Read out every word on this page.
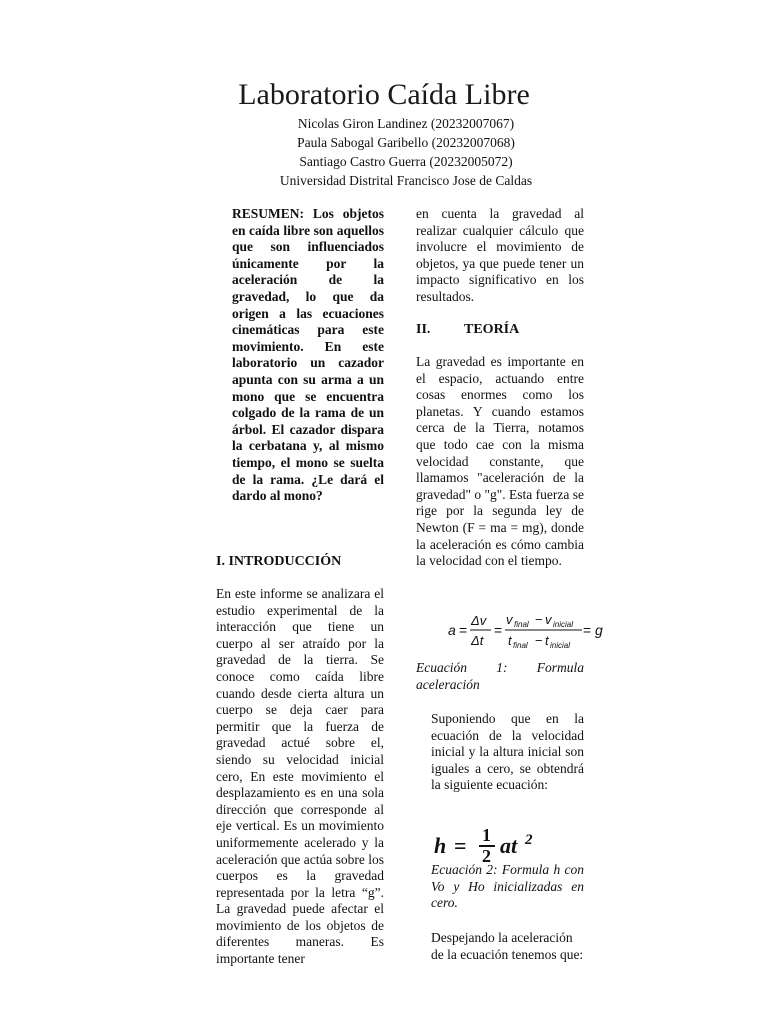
Laboratorio Caída Libre
Nicolas Giron Landinez (20232007067)
Paula Sabogal Garibello (20232007068)
Santiago Castro Guerra (20232005072)
Universidad Distrital Francisco Jose de Caldas

RESUMEN: Los objetos en caída libre son aquellos que son influenciados únicamente por la aceleración de la gravedad, lo que da origen a las ecuaciones cinemáticas para este movimiento. En este laboratorio un cazador apunta con su arma a un mono que se encuentra colgado de la rama de un árbol. El cazador dispara la cerbatana y, al mismo tiempo, el mono se suelta de la rama. ¿Le dará el dardo al mono?

I. INTRODUCCIÓN

En este informe se analizara el estudio experimental de la interacción que tiene un cuerpo al ser atraído por la gravedad de la tierra. Se conoce como caída libre cuando desde cierta altura un cuerpo se deja caer para permitir que la fuerza de gravedad actué sobre el, siendo su velocidad inicial cero, En este movimiento el desplazamiento es en una sola dirección que corresponde al eje vertical. Es un movimiento uniformemente acelerado y la aceleración que actúa sobre los cuerpos es la gravedad representada por la letra “g”. La gravedad puede afectar el movimiento de los objetos de diferentes maneras. Es importante tener

en cuenta la gravedad al realizar cualquier cálculo que involucre el movimiento de objetos, ya que puede tener un impacto significativo en los resultados.

II. TEORÍA

La gravedad es importante en el espacio, actuando entre cosas enormes como los planetas. Y cuando estamos cerca de la Tierra, notamos que todo cae con la misma velocidad constante, que llamamos "aceleración de la gravedad" o "g". Esta fuerza se rige por la segunda ley de Newton (F = ma = mg), donde la aceleración es cómo cambia la velocidad con el tiempo.

a =
Δv
Δt
=
v final − v inicial
t final − t inicial
= g

Ecuación 1: Formula aceleración

Suponiendo que en la ecuación de la velocidad inicial y la altura inicial son iguales a cero, se obtendrá la siguiente ecuación:

h = 1
2 at 2

Ecuación 2: Formula h con Vo y Ho inicializadas en cero.

Despejando la aceleración de la ecuación tenemos que:
